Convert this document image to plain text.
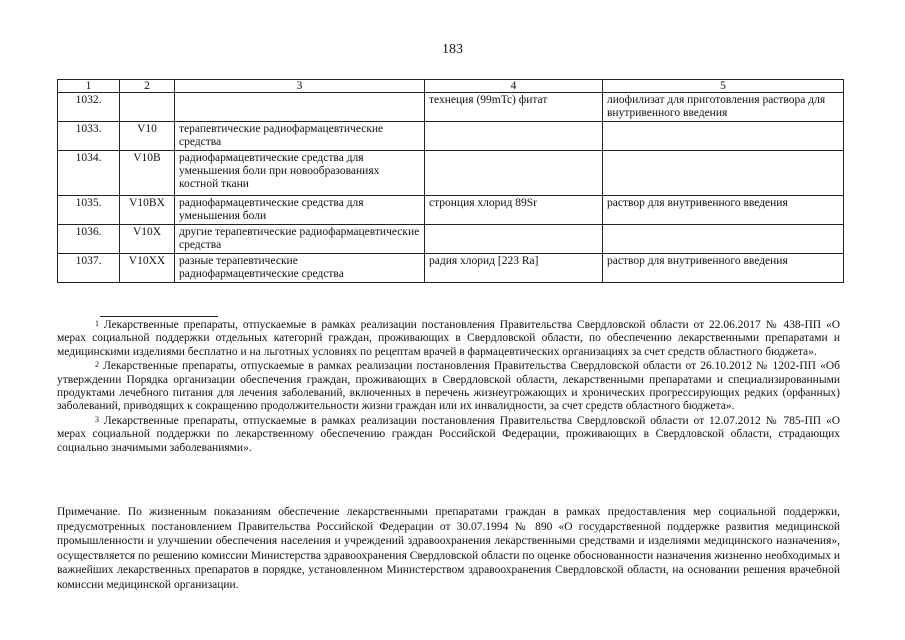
183
1	2	3	4	5
1032.			технеция (99mTc) фитат	лиофилизат для приготовления раствора для внутривенного введения
1033.	V10	терапевтические радиофармацевтические средства		
1034.	V10B	радиофармацевтические средства для уменьшения боли при новообразованиях костной ткани		
1035.	V10BX	радиофармацевтические средства для уменьшения боли	стронция хлорид 89Sr	раствор для внутривенного введения
1036.	V10X	другие терапевтические радиофармацевтические средства		
1037.	V10XX	разные терапевтические радиофармацевтические средства	радия хлорид [223 Ra]	раствор для внутривенного введения

$^1$ Лекарственные препараты, отпускаемые в рамках реализации постановления Правительства Свердловской области от 22.06.2017 № 438-ПП «О мерах социальной поддержки отдельных категорий граждан, проживающих в Свердловской области, по обеспечению лекарственными препаратами и медицинскими изделиями бесплатно и на льготных условиях по рецептам врачей в фармацевтических организациях за счет средств областного бюджета».

$^2$ Лекарственные препараты, отпускаемые в рамках реализации постановления Правительства Свердловской области от 26.10.2012 № 1202-ПП «Об утверждении Порядка организации обеспечения граждан, проживающих в Свердловской области, лекарственными препаратами и специализированными продуктами лечебного питания для лечения заболеваний, включенных в перечень жизнеугрожающих и хронических прогрессирующих редких (орфанных) заболеваний, приводящих к сокращению продолжительности жизни граждан или их инвалидности, за счет средств областного бюджета».

$^3$ Лекарственные препараты, отпускаемые в рамках реализации постановления Правительства Свердловской области от 12.07.2012 № 785-ПП «О мерах социальной поддержки по лекарственному обеспечению граждан Российской Федерации, проживающих в Свердловской области, страдающих социально значимыми заболеваниями».

Примечание. По жизненным показаниям обеспечение лекарственными препаратами граждан в рамках предоставления мер социальной поддержки, предусмотренных постановлением Правительства Российской Федерации от 30.07.1994 № 890 «О государственной поддержке развития медицинской промышленности и улучшении обеспечения населения и учреждений здравоохранения лекарственными средствами и изделиями медицинского назначения», осуществляется по решению комиссии Министерства здравоохранения Свердловской области по оценке обоснованности назначения жизненно необходимых и важнейших лекарственных препаратов в порядке, установленном Министерством здравоохранения Свердловской области, на основании решения врачебной комиссии медицинской организации.
